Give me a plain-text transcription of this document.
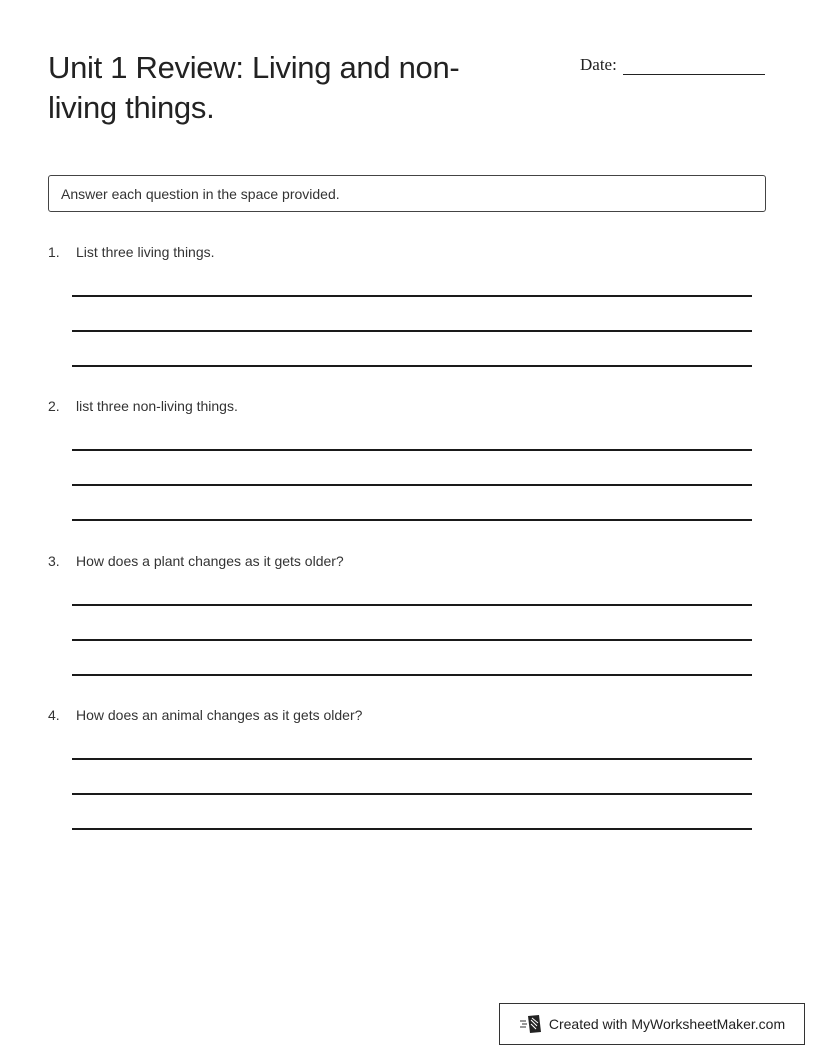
Unit 1 Review: Living and non-living things.
Date:
Answer each question in the space provided.
1.	List three living things.
2.	list three non-living things.
3.	How does a plant changes as it gets older?
4.	How does an animal changes as it gets older?
Created with MyWorksheetMaker.com
